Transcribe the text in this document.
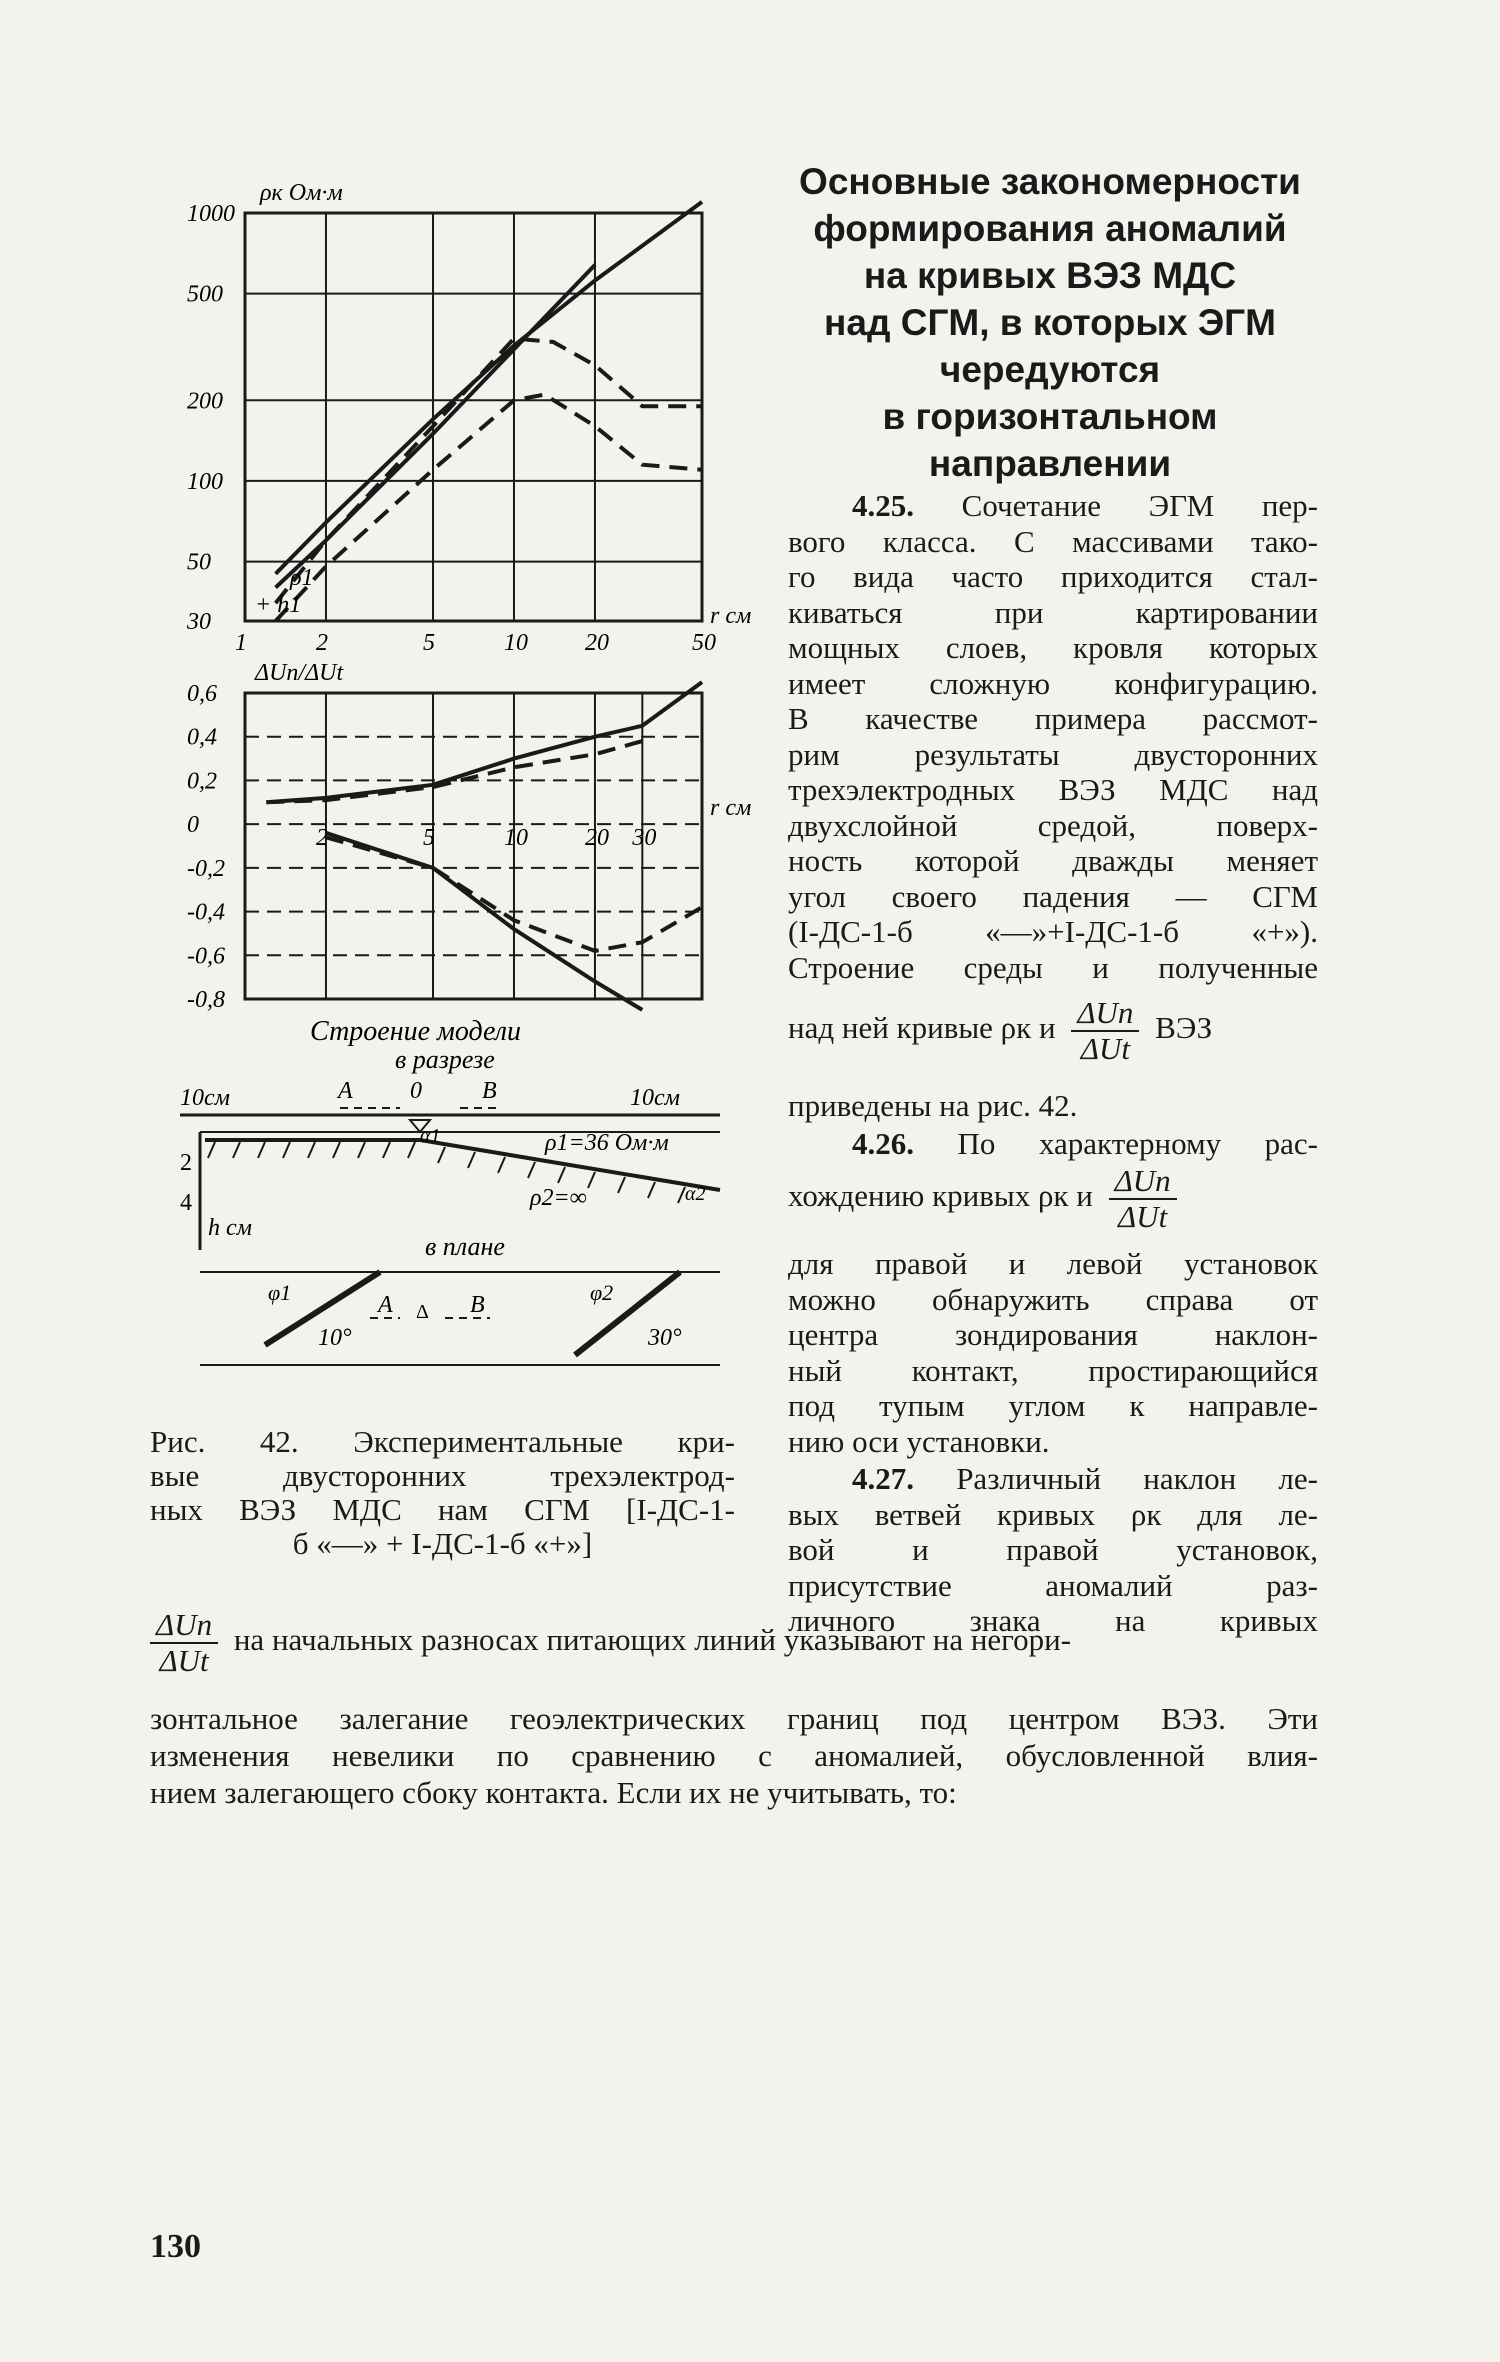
1	2	5	10 20	50
1000
500
200
100
50
30
ρк Ом·м
r см
ρ1
+ h1
2	5	10 20 30
0,6
0,4
0,2
0
-0,2
-0,4
-0,6
-0,8
ΔUп/ΔUt
r см
Строение модели
в разрезе
10см	10см
2
4
h см
A 0	B
α1	ρ1=36 Ом·м
ρ2=∞	α2
в плане
φ1	φ2
10°	30°
A Δ B
Основные закономерности
формирования аномалий
на кривых ВЭЗ МДС
над СГМ, в которых ЭГМ
чередуются
в горизонтальном
направлении
4.25. Сочетание ЭГМ пер-
вого класса. С массивами тако-
го вида часто приходится стал-
киваться при картировании
мощных слоев, кровля которых
имеет сложную конфигурацию.
В качестве примера рассмот-
рим результаты двусторонних
трехэлектродных ВЭЗ МДС над
двухслойной средой, поверх-
ность которой дважды меняет
угол своего падения — СГМ
(I-ДС-1-б «—»+I-ДС-1-б «+»).
Строение среды и полученные
над ней кривые ρк и $\frac{\text{ΔUп}}{\text{ΔUt}}$ ВЭЗ
приведены на рис. 42.
4.26. По характерному рас-
хождению кривых ρк и $\frac{\text{ΔUп}}{\text{ΔUt}}$
для правой и левой установок
можно обнаружить справа от
центра зондирования наклон-
ный контакт, простирающийся
под тупым углом к направле-
нию оси установки.
4.27. Различный наклон ле-
вых ветвей кривых ρк для ле-
вой и правой установок,
присутствие аномалий раз-
личного знака на кривых
Рис. 42. Экспериментальные кри-
вые двусторонних трехэлектрод-
ных ВЭЗ МДС нам СГМ [I-ДС-1-
б «—» + I-ДС-1-б «+»]
$\frac{\text{ΔUп}}{\text{ΔUt}}$ на начальных разносах питающих линий указывают на негори-
зонтальное залегание геоэлектрических границ под центром ВЭЗ. Эти
изменения невелики по сравнению с аномалией, обусловленной влия-
нием залегающего сбоку контакта. Если их не учитывать, то:
130
